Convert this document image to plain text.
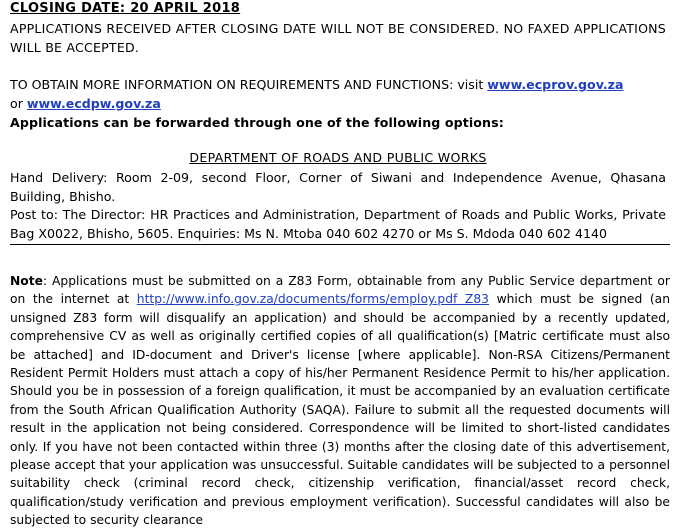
CLOSING DATE: 20 APRIL 2018
APPLICATIONS RECEIVED AFTER CLOSING DATE WILL NOT BE CONSIDERED. NO FAXED APPLICATIONS WILL BE ACCEPTED.
TO OBTAIN MORE INFORMATION ON REQUIREMENTS AND FUNCTIONS: visit www.ecprov.gov.za
or www.ecdpw.gov.za
Applications can be forwarded through one of the following options:
DEPARTMENT OF ROADS AND PUBLIC WORKS
Hand Delivery: Room 2-09, second Floor, Corner of Siwani and Independence Avenue, Qhasana Building, Bhisho.
Post to: The Director: HR Practices and Administration, Department of Roads and Public Works, Private Bag X0022, Bhisho, 5605. Enquiries: Ms N. Mtoba 040 602 4270 or Ms S. Mdoda 040 602 4140
Note: Applications must be submitted on a Z83 Form, obtainable from any Public Service department or on the internet at http://www.info.gov.za/documents/forms/employ.pdf Z83 which must be signed (an unsigned Z83 form will disqualify an application) and should be accompanied by a recently updated, comprehensive CV as well as originally certified copies of all qualification(s) [Matric certificate must also be attached] and ID-document and Driver's license [where applicable]. Non-RSA Citizens/Permanent Resident Permit Holders must attach a copy of his/her Permanent Residence Permit to his/her application. Should you be in possession of a foreign qualification, it must be accompanied by an evaluation certificate from the South African Qualification Authority (SAQA). Failure to submit all the requested documents will result in the application not being considered. Correspondence will be limited to short-listed candidates only. If you have not been contacted within three (3) months after the closing date of this advertisement, please accept that your application was unsuccessful. Suitable candidates will be subjected to a personnel suitability check (criminal record check, citizenship verification, financial/asset record check, qualification/study verification and previous employment verification). Successful candidates will also be subjected to security clearance
